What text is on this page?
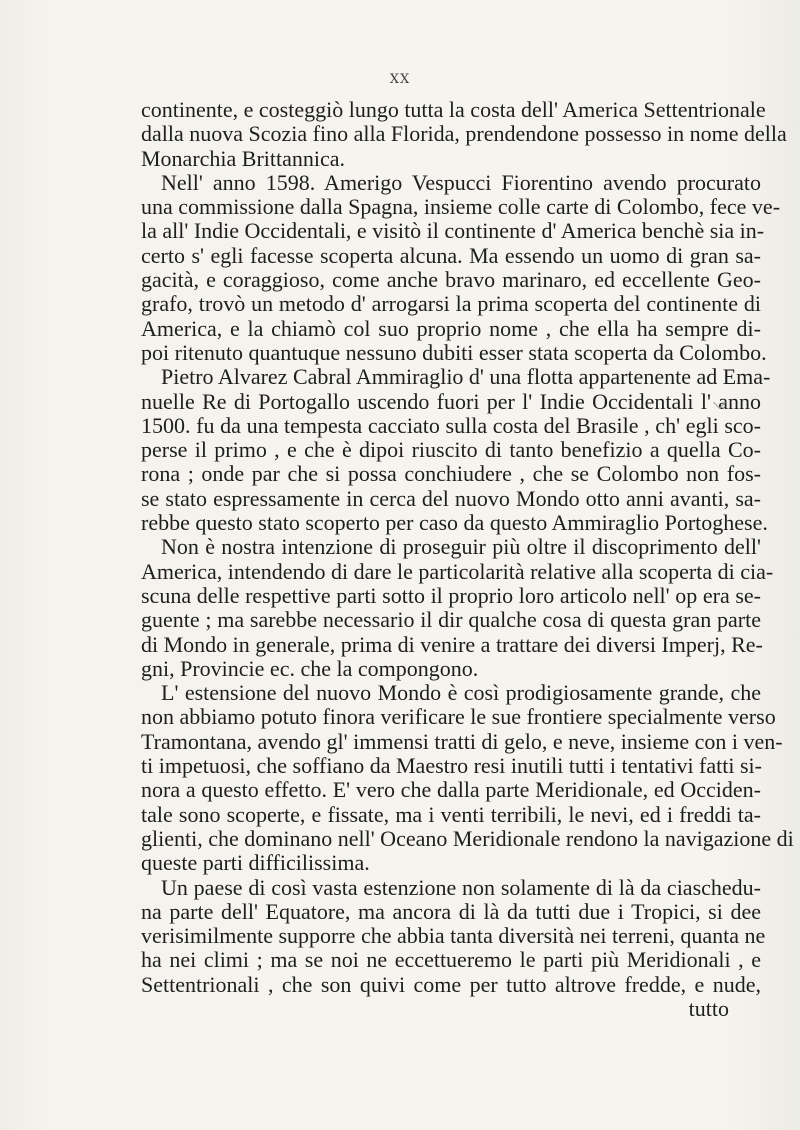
XX
continente, e costeggiò lungo tutta la costa dell' America Settentrionale
dalla nuova Scozia fino alla Florida, prendendone possesso in nome della
Monarchia Brittannica.
Nell' anno 1598. Amerigo Vespucci Fiorentino avendo procurato
una commissione dalla Spagna, insieme colle carte di Colombo, fece ve-
la all' Indie Occidentali, e visitò il continente d' America benchè sia in-
certo s' egli facesse scoperta alcuna. Ma essendo un uomo di gran sa-
gacità, e coraggioso, come anche bravo marinaro, ed eccellente Geo-
grafo, trovò un metodo d' arrogarsi la prima scoperta del continente di
America, e la chiamò col suo proprio nome , che ella ha sempre di-
poi ritenuto quantuque nessuno dubiti esser stata scoperta da Colombo.
Pietro Alvarez Cabral Ammiraglio d' una flotta appartenente ad Ema-
nuelle Re di Portogallo uscendo fuori per l' Indie Occidentali l' anno
1500. fu da una tempesta cacciato sulla costa del Brasile , ch' egli sco-
perse il primo , e che è dipoi riuscito di tanto benefizio a quella Co-
rona ; onde par che si possa conchiudere , che se Colombo non fos-
se stato espressamente in cerca del nuovo Mondo otto anni avanti, sa-
rebbe questo stato scoperto per caso da questo Ammiraglio Portoghese.
Non è nostra intenzione di proseguir più oltre il discoprimento dell'
America, intendendo di dare le particolarità relative alla scoperta di cia-
scuna delle respettive parti sotto il proprio loro articolo nell' op era se-
guente ; ma sarebbe necessario il dir qualche cosa di questa gran parte
di Mondo in generale, prima di venire a trattare dei diversi Imperj, Re-
gni, Provincie ec. che la compongono.
L' estensione del nuovo Mondo è così prodigiosamente grande, che
non abbiamo potuto finora verificare le sue frontiere specialmente verso
Tramontana, avendo gl' immensi tratti di gelo, e neve, insieme con i ven-
ti impetuosi, che soffiano da Maestro resi inutili tutti i tentativi fatti si-
nora a questo effetto. E' vero che dalla parte Meridionale, ed Occiden-
tale sono scoperte, e fissate, ma i venti terribili, le nevi, ed i freddi ta-
glienti, che dominano nell' Oceano Meridionale rendono la navigazione di
queste parti difficilissima.
Un paese di così vasta estenzione non solamente di là da ciaschedu-
na parte dell' Equatore, ma ancora di là da tutti due i Tropici, si dee
verisimilmente supporre che abbia tanta diversità nei terreni, quanta ne
ha nei climi ; ma se noi ne eccettueremo le parti più Meridionali , e
Settentrionali , che son quivi come per tutto altrove fredde, e nude,
tutto
